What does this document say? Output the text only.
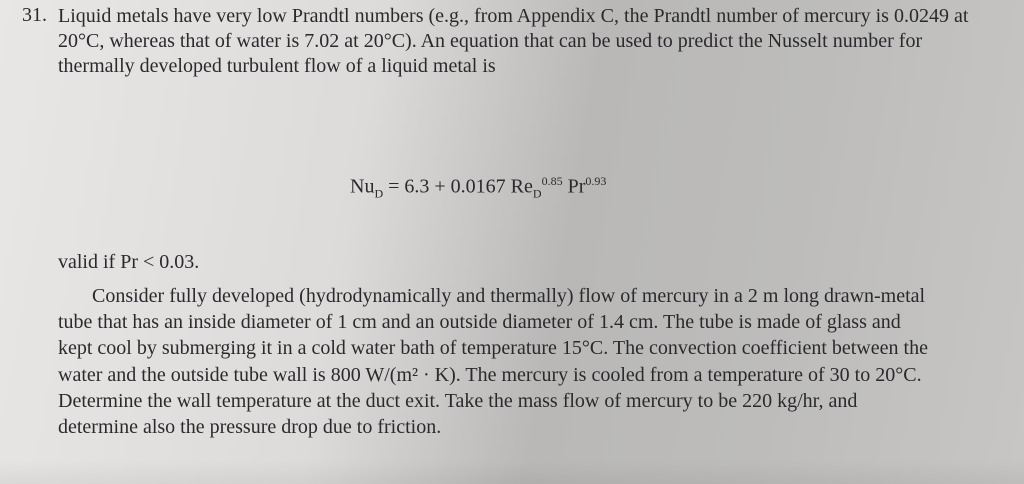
31. Liquid metals have very low Prandtl numbers (e.g., from Appendix C, the Prandtl number of mercury is 0.0249 at 20°C, whereas that of water is 7.02 at 20°C). An equation that can be used to predict the Nusselt number for thermally developed turbulent flow of a liquid metal is

$Nu_D = 6.3 + 0.0167$ $Re_D^{0.85}$ $Pr^{0.93}$
valid if Pr < 0.03.

Consider fully developed (hydrodynamically and thermally) flow of mercury in a 2 m long drawn-metal tube that has an inside diameter of 1 cm and an outside diameter of 1.4 cm. The tube is made of glass and kept cool by submerging it in a cold water bath of temperature 15°C. The convection coefficient between the water and the outside tube wall is 800 W/(m² · K). The mercury is cooled from a temperature of 30 to 20°C. Determine the wall temperature at the duct exit. Take the mass flow of mercury to be 220 kg/hr, and determine also the pressure drop due to friction.
